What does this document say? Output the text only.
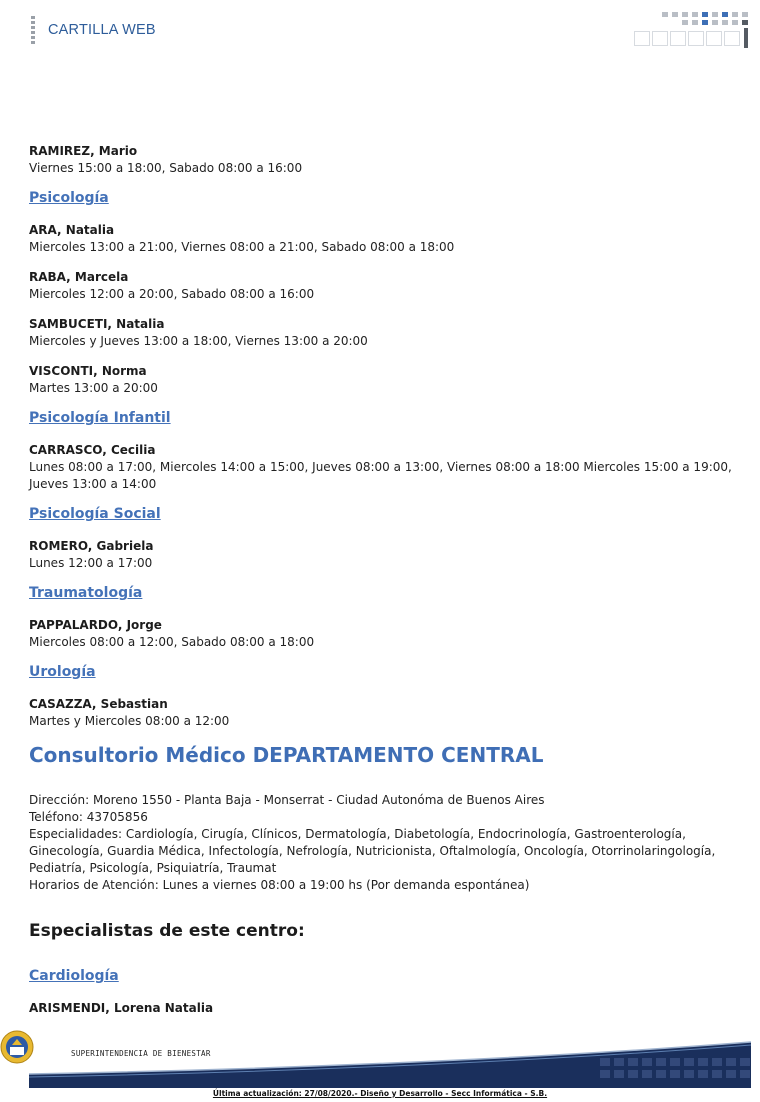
CARTILLA WEB
RAMIREZ, Mario
Viernes 15:00 a 18:00, Sabado 08:00 a 16:00
Psicología
ARA, Natalia
Miercoles 13:00 a 21:00, Viernes 08:00 a 21:00, Sabado 08:00 a 18:00
RABA, Marcela
Miercoles 12:00 a 20:00, Sabado 08:00 a 16:00
SAMBUCETI, Natalia
Miercoles y Jueves 13:00 a 18:00, Viernes 13:00 a 20:00
VISCONTI, Norma
Martes 13:00 a 20:00
Psicología Infantil
CARRASCO, Cecilia
Lunes 08:00 a 17:00, Miercoles 14:00 a 15:00, Jueves 08:00 a 13:00, Viernes 08:00 a 18:00 Miercoles 15:00 a 19:00, Jueves 13:00 a 14:00
Psicología Social
ROMERO, Gabriela
Lunes 12:00 a 17:00
Traumatología
PAPPALARDO, Jorge
Miercoles 08:00 a 12:00, Sabado 08:00 a 18:00
Urología
CASAZZA, Sebastian
Martes y Miercoles 08:00 a 12:00
Consultorio Médico DEPARTAMENTO CENTRAL
Dirección: Moreno 1550 - Planta Baja - Monserrat - Ciudad Autonóma de Buenos Aires
Teléfono: 43705856
Especialidades: Cardiología, Cirugía, Clínicos, Dermatología, Diabetología, Endocrinología, Gastroenterología, Ginecología, Guardia Médica, Infectología, Nefrología, Nutricionista, Oftalmología, Oncología, Otorrinolaringología, Pediatría, Psicología, Psiquiatría, Traumat
Horarios de Atención: Lunes a viernes 08:00 a 19:00 hs (Por demanda espontánea)
Especialistas de este centro:
Cardiología
ARISMENDI, Lorena Natalia
SUPERINTENDENCIA DE BIENESTAR
Última actualización: 27/08/2020.- Diseño y Desarrollo - Secc Informática - S.B.
